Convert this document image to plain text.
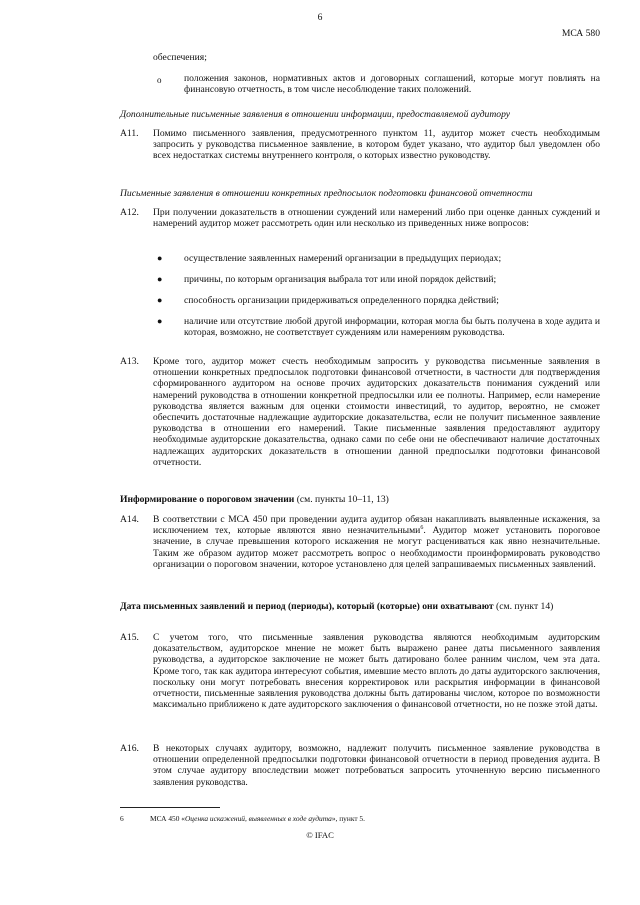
6
МСА 580
обеспечения;
o положения законов, нормативных актов и договорных соглашений, которые могут повлиять на финансовую отчетность, в том числе несоблюдение таких положений.
Дополнительные письменные заявления в отношении информации, предоставляемой аудитору
A11. Помимо письменного заявления, предусмотренного пунктом 11, аудитор может счесть необходимым запросить у руководства письменное заявление, в котором будет указано, что аудитор был уведомлен обо всех недостатках системы внутреннего контроля, о которых известно руководству.
Письменные заявления в отношении конкретных предпосылок подготовки финансовой отчетности
A12. При получении доказательств в отношении суждений или намерений либо при оценке данных суждений и намерений аудитор может рассмотреть один или несколько из приведенных ниже вопросов:
● осуществление заявленных намерений организации в предыдущих периодах;
● причины, по которым организация выбрала тот или иной порядок действий;
● способность организации придерживаться определенного порядка действий;
● наличие или отсутствие любой другой информации, которая могла бы быть получена в ходе аудита и которая, возможно, не соответствует суждениям или намерениям руководства.
A13. Кроме того, аудитор может счесть необходимым запросить у руководства письменные заявления в отношении конкретных предпосылок подготовки финансовой отчетности, в частности для подтверждения сформированного аудитором на основе прочих аудиторских доказательств понимания суждений или намерений руководства в отношении конкретной предпосылки или ее полноты. Например, если намерение руководства является важным для оценки стоимости инвестиций, то аудитор, вероятно, не сможет обеспечить достаточные надлежащие аудиторские доказательства, если не получит письменное заявление руководства в отношении его намерений. Такие письменные заявления предоставляют аудитору необходимые аудиторские доказательства, однако сами по себе они не обеспечивают наличие достаточных надлежащих аудиторских доказательств в отношении данной предпосылки подготовки финансовой отчетности.
Информирование о пороговом значении (см. пункты 10–11, 13)
A14. В соответствии с МСА 450 при проведении аудита аудитор обязан накапливать выявленные искажения, за исключением тех, которые являются явно незначительными$^6$. Аудитор может установить пороговое значение, в случае превышения которого искажения не могут расцениваться как явно незначительные. Таким же образом аудитор может рассмотреть вопрос о необходимости проинформировать руководство организации о пороговом значении, которое установлено для целей запрашиваемых письменных заявлений.
Дата письменных заявлений и период (периоды), который (которые) они охватывают (см. пункт 14)
A15. С учетом того, что письменные заявления руководства являются необходимым аудиторским доказательством, аудиторское мнение не может быть выражено ранее даты письменного заявления руководства, а аудиторское заключение не может быть датировано более ранним числом, чем эта дата. Кроме того, так как аудитора интересуют события, имевшие место вплоть до даты аудиторского заключения, поскольку они могут потребовать внесения корректировок или раскрытия информации в финансовой отчетности, письменные заявления руководства должны быть датированы числом, которое по возможности максимально приближено к дате аудиторского заключения о финансовой отчетности, но не позже этой даты.
A16. В некоторых случаях аудитору, возможно, надлежит получить письменное заявление руководства в отношении определенной предпосылки подготовки финансовой отчетности в период проведения аудита. В этом случае аудитору впоследствии может потребоваться запросить уточненную версию письменного заявления руководства.
6	МСА 450 «Оценка искажений, выявленных в ходе аудита», пункт 5.
© IFAC
